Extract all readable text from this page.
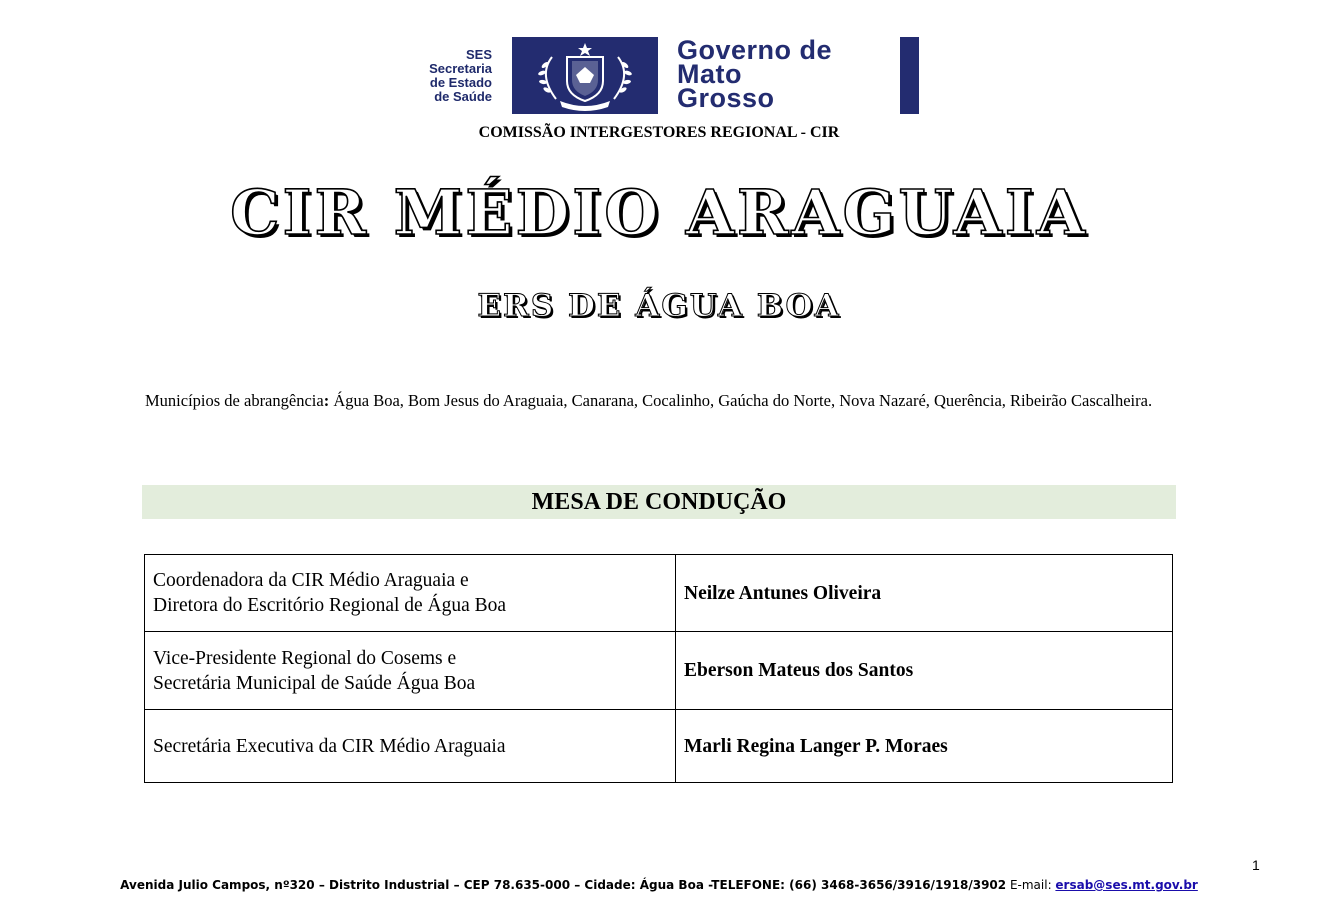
SES
Secretaria
de Estado
de Saúde
Governo de
Mato
Grosso
COMISSÃO INTERGESTORES REGIONAL - CIR
CIR MÉDIO ARAGUAIA
ERS DE ÁGUA BOA
Municípios de abrangência: Água Boa, Bom Jesus do Araguaia, Canarana, Cocalinho, Gaúcha do Norte, Nova Nazaré, Querência, Ribeirão Cascalheira.
MESA DE CONDUÇÃO
Coordenadora da CIR Médio Araguaia e
Diretora do Escritório Regional de Água Boa	Neilze Antunes Oliveira

Vice-Presidente Regional do Cosems e
Secretária Municipal de Saúde Água Boa	Eberson Mateus dos Santos

Secretária Executiva da CIR Médio Araguaia	Marli Regina Langer P. Moraes
1
Avenida Julio Campos, nº320 – Distrito Industrial – CEP 78.635-000 – Cidade: Água Boa -TELEFONE: (66) 3468-3656/3916/1918/3902 E-mail: ersab@ses.mt.gov.br
